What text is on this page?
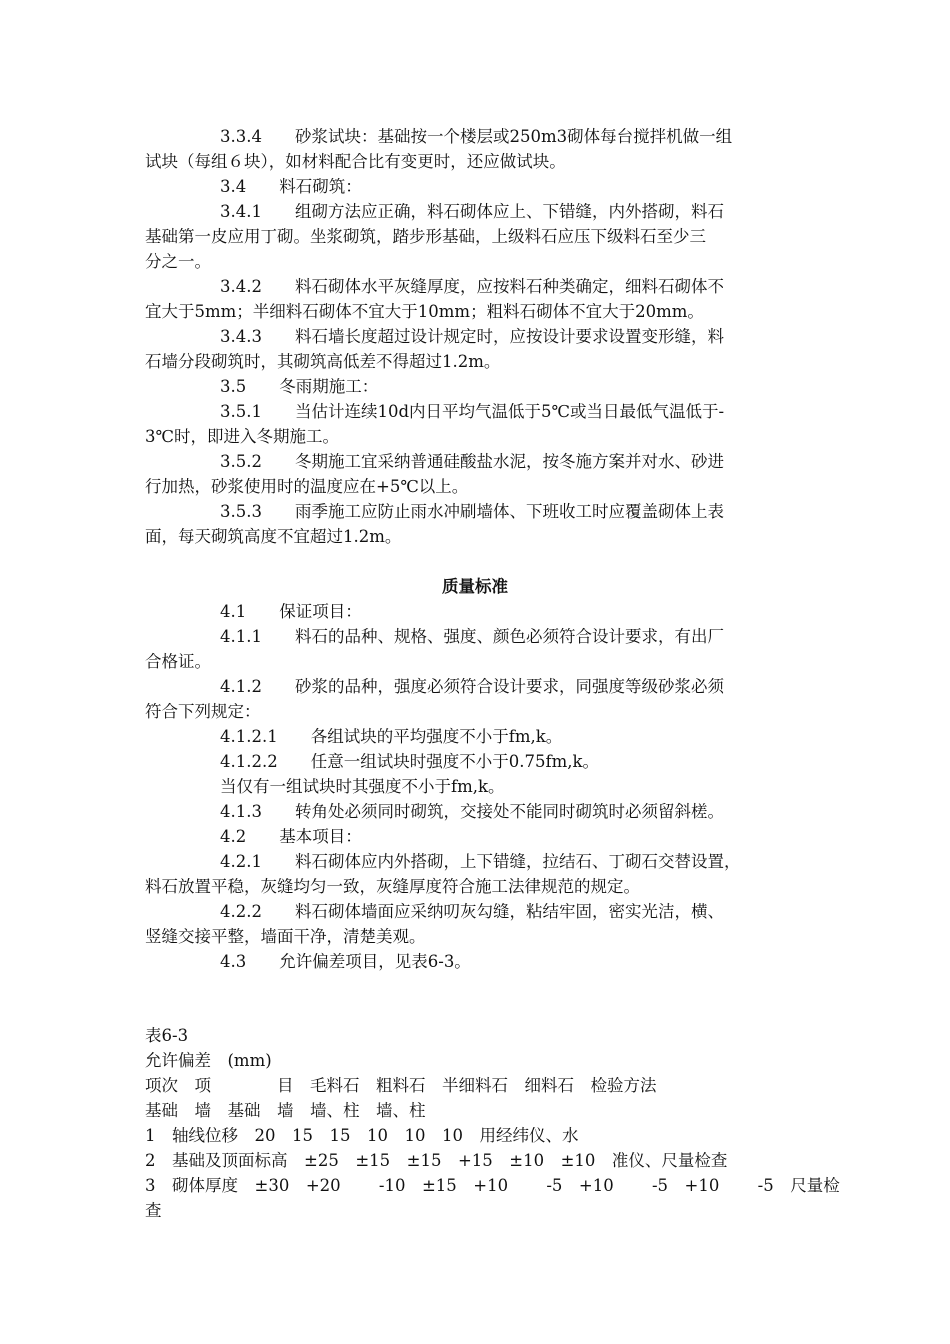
3.3.4　　砂浆试块：基础按一个楼层或250m3砌体每台搅拌机做一组
试块（每组６块），如材料配合比有变更时，还应做试块。
3.4　　料石砌筑：
3.4.1　　组砌方法应正确，料石砌体应上、下错缝，内外搭砌，料石
基础第一皮应用丁砌。坐浆砌筑，踏步形基础，上级料石应压下级料石至少三
分之一。
3.4.2　　料石砌体水平灰缝厚度，应按料石种类确定，细料石砌体不
宜大于5mm；半细料石砌体不宜大于10mm；粗料石砌体不宜大于20mm。
3.4.3　　料石墙长度超过设计规定时，应按设计要求设置变形缝，料
石墙分段砌筑时，其砌筑高低差不得超过1.2m。
3.5　　冬雨期施工：
3.5.1　　当估计连续10d内日平均气温低于5℃或当日最低气温低于-
3℃时，即进入冬期施工。
3.5.2　　冬期施工宜采纳普通硅酸盐水泥，按冬施方案并对水、砂进
行加热，砂浆使用时的温度应在+5℃以上。
3.5.3　　雨季施工应防止雨水冲刷墙体、下班收工时应覆盖砌体上表
面，每天砌筑高度不宜超过1.2m。
质量标准
4.1　　保证项目：
4.1.1　　料石的品种、规格、强度、颜色必须符合设计要求，有出厂
合格证。
4.1.2　　砂浆的品种，强度必须符合设计要求，同强度等级砂浆必须
符合下列规定：
4.1.2.1　　各组试块的平均强度不小于fm,k。
4.1.2.2　　任意一组试块时强度不小于0.75fm,k。
当仅有一组试块时其强度不小于fm,k。
4.1.3　　转角处必须同时砌筑，交接处不能同时砌筑时必须留斜槎。
4.2　　基本项目：
4.2.1　　料石砌体应内外搭砌，上下错缝，拉结石、丁砌石交替设置，
料石放置平稳，灰缝均匀一致，灰缝厚度符合施工法律规范的规定。
4.2.2　　料石砌体墙面应采纳叨灰勾缝，粘结牢固，密实光洁，横、
竖缝交接平整，墙面干净，清楚美观。
4.3　　允许偏差项目，见表6-3。
表6-3
允许偏差　(mm)
项次　项　　　　目　毛料石　粗料石　半细料石　细料石　检验方法
基础　墙　基础　墙　墙、柱　墙、柱
1　轴线位移　20　15　15　10　10　10　用经纬仪、水
2　基础及顶面标高　±25　±15　±15　+15　±10　±10　准仪、尺量检查
3　砌体厚度　±30　+20　　 -10　±15　+10　　 -5　+10　　 -5　+10　　 -5　尺量检
查
